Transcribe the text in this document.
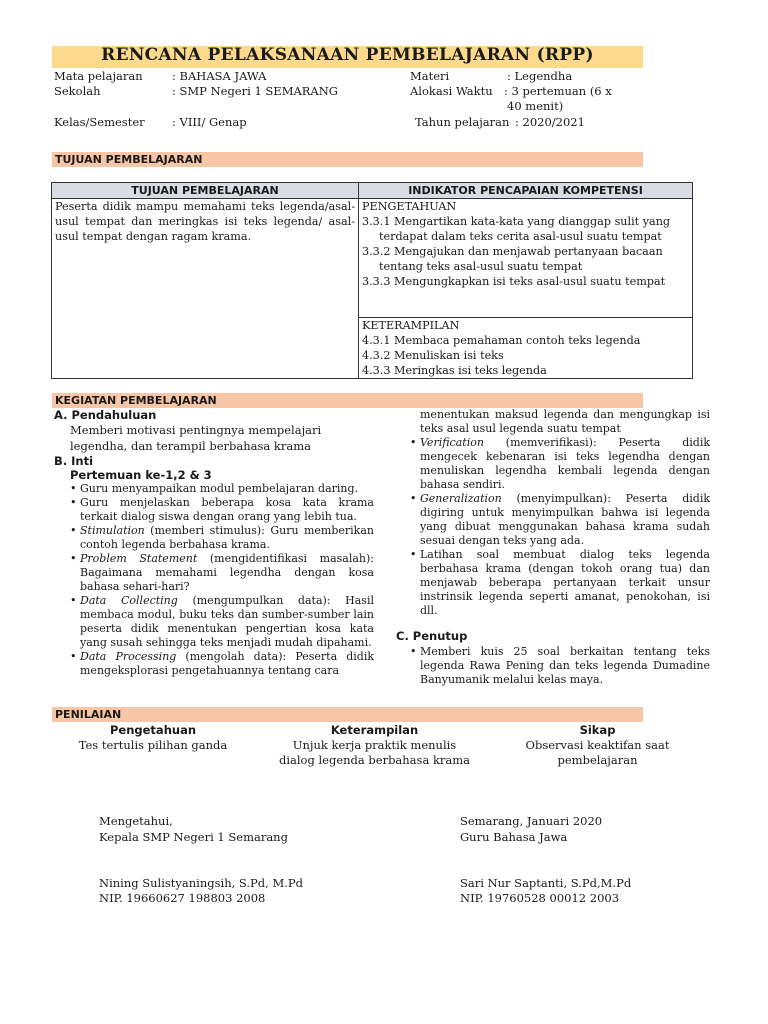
RENCANA PELAKSANAAN PEMBELAJARAN (RPP)
Mata pelajaran	: BAHASA JAWA
Sekolah	: SMP Negeri 1 SEMARANG
Kelas/Semester : VIII/ Genap
Materi	: Legendha
Alokasi Waktu : 3 pertemuan (6 x
40 menit)
Tahun pelajaran : 2020/2021
TUJUAN PEMBELAJARAN
TUJUAN PEMBELAJARAN	INDIKATOR PENCAPAIAN KOMPETENSI

Peserta didik mampu memahami teks legenda/asal-usul tempat dan meringkas isi teks legenda/ asal-usul tempat dengan ragam krama.	PENGETAHUAN
3.3.1 Mengartikan kata-kata yang dianggap sulit yang terdapat dalam teks cerita asal-usul suatu tempat
3.3.2 Mengajukan dan menjawab pertanyaan bacaan tentang teks asal-usul suatu tempat
3.3.3 Mengungkapkan isi teks asal-usul suatu tempat

	KETERAMPILAN
4.3.1 Membaca pemahaman contoh teks legenda
4.3.2 Menuliskan isi teks
4.3.3 Meringkas isi teks legenda
KEGIATAN PEMBELAJARAN
A. Pendahuluan
Memberi motivasi pentingnya mempelajari legendha, dan terampil berbahasa krama
B. Inti
Pertemuan ke-1,2 & 3
• Guru menyampaikan modul pembelajaran daring.
• Guru menjelaskan beberapa kosa kata krama terkait dialog siswa dengan orang yang lebih tua.
• Stimulation (memberi stimulus): Guru memberikan contoh legenda berbahasa krama.
• Problem Statement (mengidentifikasi masalah): Bagaimana memahami legendha dengan kosa bahasa sehari-hari?
• Data Collecting (mengumpulkan data): Hasil membaca modul, buku teks dan sumber-sumber lain peserta didik menentukan pengertian kosa kata yang susah sehingga teks menjadi mudah dipahami.
• Data Processing (mengolah data): Peserta didik mengeksplorasi pengetahuannya tentang cara
menentukan maksud legenda dan mengungkap isi teks asal usul legenda suatu tempat
• Verification (memverifikasi): Peserta didik mengecek kebenaran isi teks legendha dengan menuliskan legendha kembali legenda dengan bahasa sendiri.
• Generalization (menyimpulkan): Peserta didik digiring untuk menyimpulkan bahwa isi legenda yang dibuat menggunakan bahasa krama sudah sesuai dengan teks yang ada.
• Latihan soal membuat dialog teks legenda berbahasa krama (dengan tokoh orang tua) dan menjawab beberapa pertanyaan terkait unsur instrinsik legenda seperti amanat, penokohan, isi dll.
C. Penutup
• Memberi kuis 25 soal berkaitan tentang teks legenda Rawa Pening dan teks legenda Dumadine Banyumanik melalui kelas maya.
PENILAIAN
Pengetahuan
Tes tertulis pilihan ganda
Keterampilan
Unjuk kerja praktik menulis
dialog legenda berbahasa krama
Sikap
Observasi keaktifan saat
pembelajaran
Mengetahui,
Kepala SMP Negeri 1 Semarang
Nining Sulistyaningsih, S.Pd, M.Pd
NIP. 19660627 198803 2008
Semarang, Januari 2020
Guru Bahasa Jawa
Sari Nur Saptanti, S.Pd,M.Pd
NIP. 19760528 00012 2003
